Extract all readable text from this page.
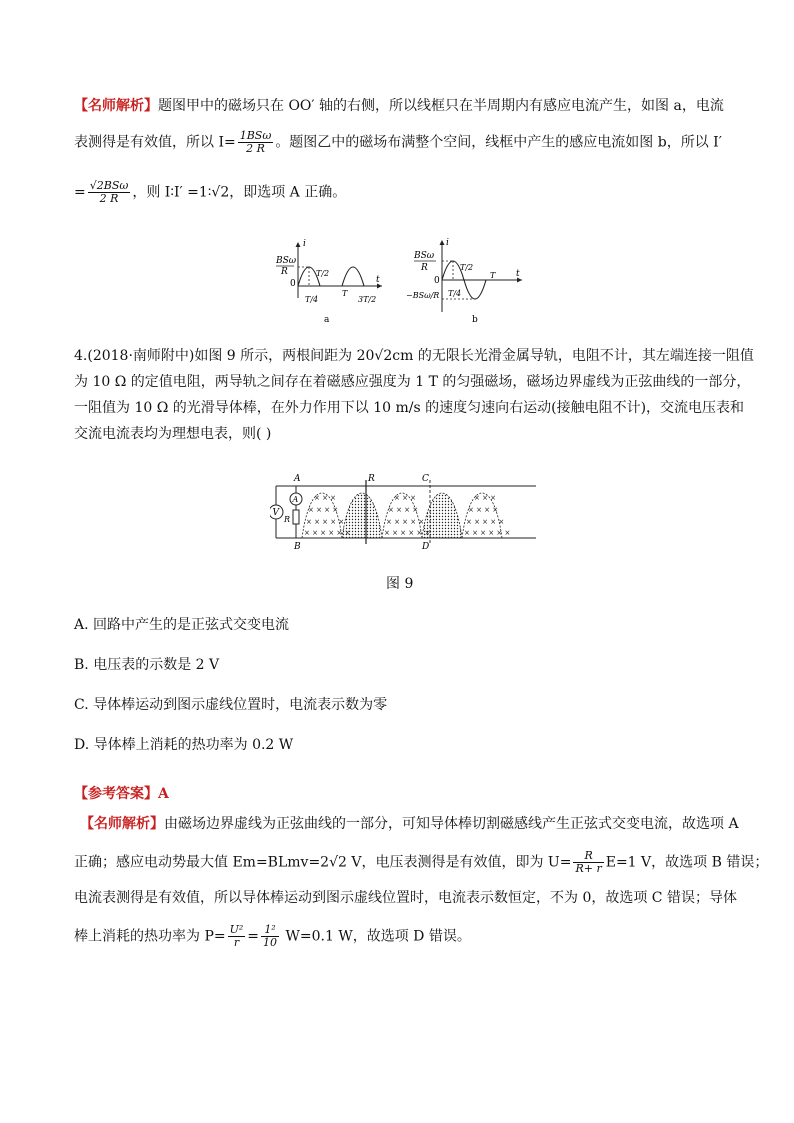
【名师解析】题图甲中的磁场只在 OO′ 轴的右侧，所以线框只在半周期内有感应电流产生，如图 a，电流
表测得是有效值，所以 $I= \frac{\text{1BSω}}{2 R}$ 。题图乙中的磁场布满整个空间，线框中产生的感应电流如图 b，所以 I′
= $\frac{\text{√2BSω}}{2 R}$ ，则 I∶I′ =1∶√2，即选项 A 正确。
i
BSω
R
0	t
T/4
T/2
T
3T/2
a
i
BSω
R
0
−BSω/R
t
T/4
T/2
T
b
4.(2018·南师附中)如图 9 所示，两根间距为 20√2cm 的无限长光滑金属导轨，电阻不计，其左端连接一阻值
为 10 Ω 的定值电阻，两导轨之间存在着磁感应强度为 1 T 的匀强磁场，磁场边界虚线为正弦曲线的一部分，
一阻值为 10 Ω 的光滑导体棒，在外力作用下以 10 m/s 的速度匀速向右运动(接触电阻不计)，交流电压表和
交流电流表均为理想电表，则( )
V
A
R
A
B
× × ×
× × × ×
× × × × ×
× × × × × ×
× × ×
× × × ×
× × × × ×
× × × × × ×
× × ×
× × × ×
× × × × ×
× × × × × ×
R	C
D
图 9
A. 回路中产生的是正弦式交变电流
B. 电压表的示数是 2 V
C. 导体棒运动到图示虚线位置时，电流表示数为零
D. 导体棒上消耗的热功率为 0.2 W
【参考答案】A
【名师解析】由磁场边界虚线为正弦曲线的一部分，可知导体棒切割磁感线产生正弦式交变电流，故选项 A
正确；感应电动势最大值 Em=BLmv=2√2 V，电压表测得是有效值，即为 $U= \frac{R}{R+ r} E=1$ V，故选项 B 错误；
电流表测得是有效值，所以导体棒运动到图示虚线位置时，电流表示数恒定，不为 0，故选项 C 错误；导体
棒上消耗的热功率为 $P= \frac{\text{U²}}{r} = \frac{\text{1²}}{10} W=0.1$ W，故选项 D 错误。
